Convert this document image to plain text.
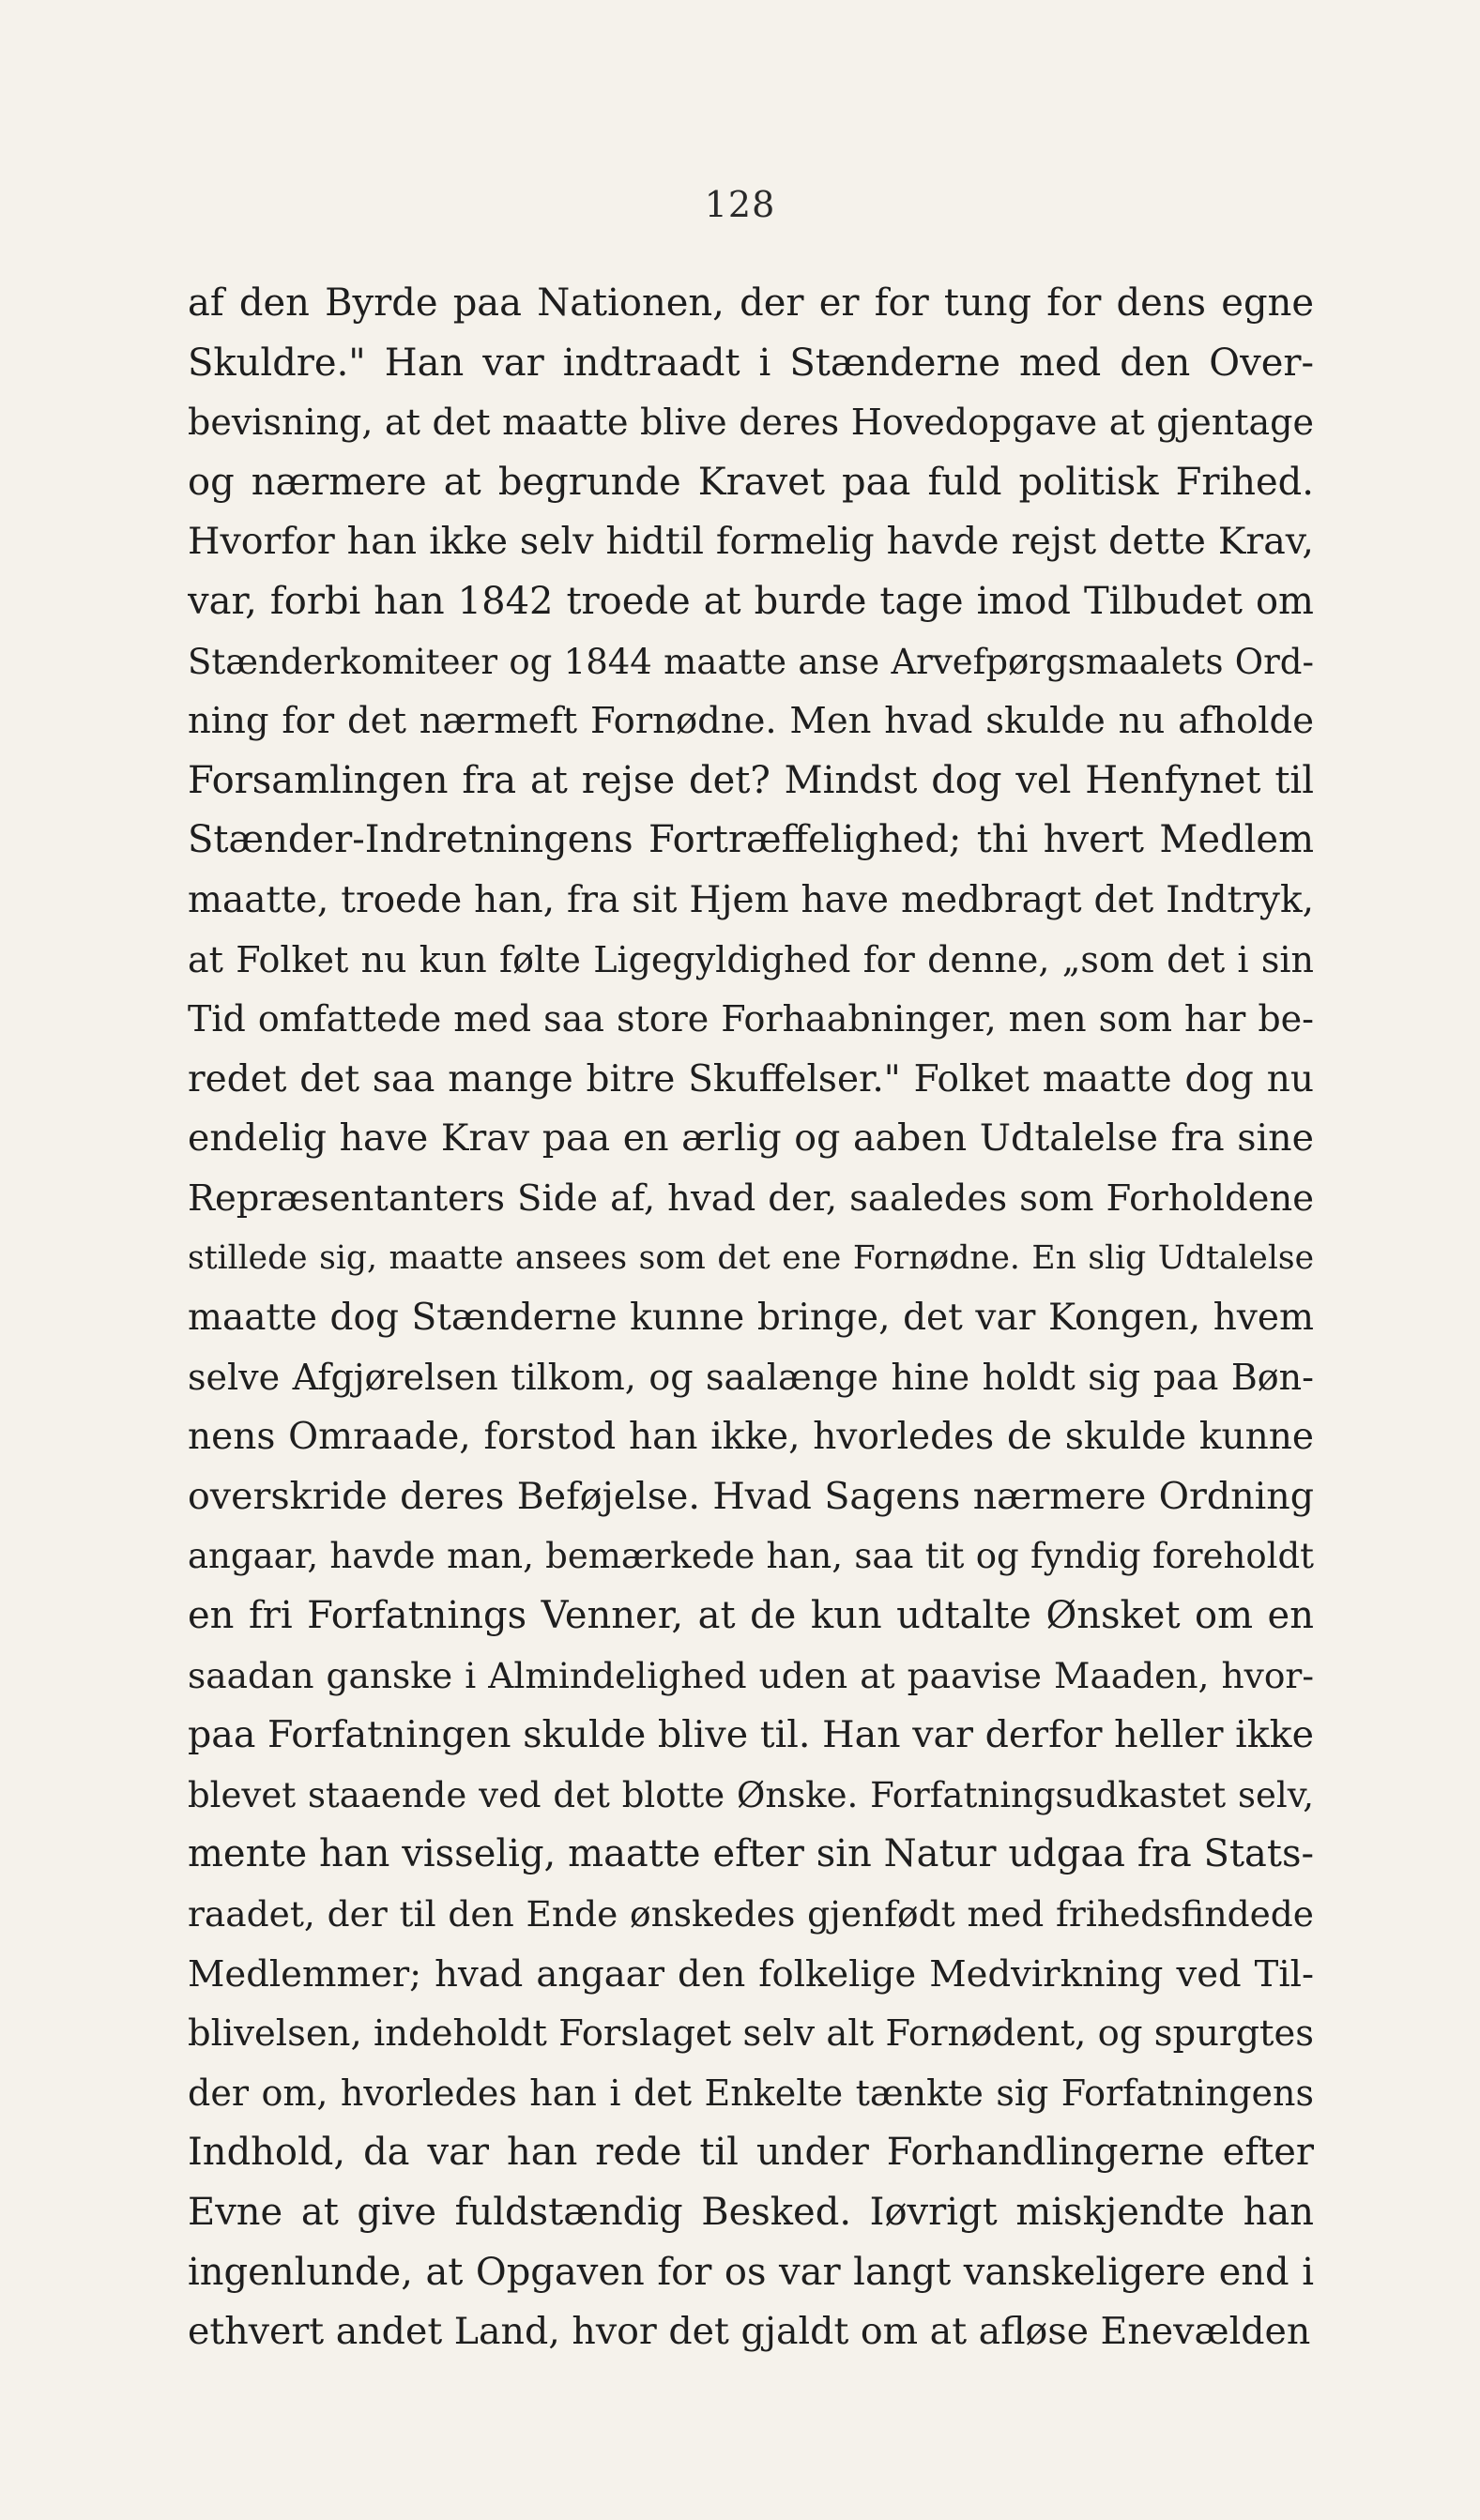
128
af den Byrde paa Nationen, der er for tung for dens egne
Skuldre." Han var indtraadt i Stænderne med den Over-
bevisning, at det maatte blive deres Hovedopgave at gjentage
og nærmere at begrunde Kravet paa fuld politisk Frihed.
Hvorfor han ikke selv hidtil formelig havde rejst dette Krav,
var, forbi han 1842 troede at burde tage imod Tilbudet om
Stænderkomiteer og 1844 maatte anse Arvefpørgsmaalets Ord-
ning for det nærmeft Fornødne. Men hvad skulde nu afholde
Forsamlingen fra at rejse det? Mindst dog vel Henfynet til
Stænder-Indretningens Fortræffelighed; thi hvert Medlem
maatte, troede han, fra sit Hjem have medbragt det Indtryk,
at Folket nu kun følte Ligegyldighed for denne, „som det i sin
Tid omfattede med saa store Forhaabninger, men som har be-
redet det saa mange bitre Skuffelser." Folket maatte dog nu
endelig have Krav paa en ærlig og aaben Udtalelse fra sine
Repræsentanters Side af, hvad der, saaledes som Forholdene
stillede sig, maatte ansees som det ene Fornødne. En slig Udtalelse
maatte dog Stænderne kunne bringe, det var Kongen, hvem
selve Afgjørelsen tilkom, og saalænge hine holdt sig paa Bøn-
nens Omraade, forstod han ikke, hvorledes de skulde kunne
overskride deres Beføjelse. Hvad Sagens nærmere Ordning
angaar, havde man, bemærkede han, saa tit og fyndig foreholdt
en fri Forfatnings Venner, at de kun udtalte Ønsket om en
saadan ganske i Almindelighed uden at paavise Maaden, hvor-
paa Forfatningen skulde blive til. Han var derfor heller ikke
blevet staaende ved det blotte Ønske. Forfatningsudkastet selv,
mente han visselig, maatte efter sin Natur udgaa fra Stats-
raadet, der til den Ende ønskedes gjenfødt med frihedsfindede
Medlemmer; hvad angaar den folkelige Medvirkning ved Til-
blivelsen, indeholdt Forslaget selv alt Fornødent, og spurgtes
der om, hvorledes han i det Enkelte tænkte sig Forfatningens
Indhold, da var han rede til under Forhandlingerne efter
Evne at give fuldstændig Besked. Iøvrigt miskjendte han
ingenlunde, at Opgaven for os var langt vanskeligere end i
ethvert andet Land, hvor det gjaldt om at afløse Enevælden
